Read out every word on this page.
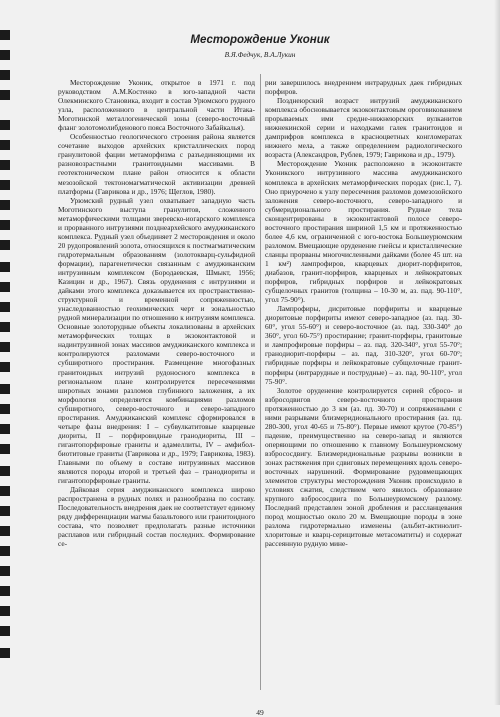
Месторождение Уконик
В.Я.Федчук, В.А.Лукин

Месторождение Уконик, открытое в 1971 г. под руководством А.М.Костенко в юго-западной части Олекминского Становика, входит в состав Урюмского рудного узла, расположенного в центральной части Итака-Моготинской металлогенической зоны (северо-восточный фланг золотомолибденового пояса Восточного Забайкалья).

Особенностью геологического строения района является сочетание выходов архейских кристаллических пород гранулитовой фации метаморфизма с разъединяющими их разновозрастными гранитоидными массивами. В геотектоническом плане район относится к области мезозойской тектономагматической активизации древней платформы (Гаврикова и др., 1976; Щеглов, 1980).

Урюмский рудный узел охватывает западную часть Моготинского выступа гранулитов, сложенного метаморфическими толщами зверевско-иогарского комплекса и прорванного интрузиями позднеархейского амуджиканского комплекса. Рудный узел объединяет 2 месторождения и около 20 рудопроявлений золота, относящихся к постмагматическим гидротермальным образованиям (золотокварц-сульфидной формации), парагенетически связанным с амуджиканским интрузивным комплексом (Бородаевская, Шмыкт, 1956; Казицин и др., 1967). Связь оруденения с интрузиями и дайками этого комплекса доказывается их пространственно-структурной и временной сопряженностью, унаследованностью геохимических черт и зональностью рудной минерализации по отношению к интрузиям комплекса. Основные золоторудные объекты локализованы в архейских метаморфических толщах в экзоконтактовой и надинтрузивной зонах массивов амуджиканского комплекса и контролируются разломами северо-восточного и субширотного простирания. Размещение многофазных гранитоидных интрузий рудоносного комплекса в региональном плане контролируется пересечениями широтных зонами разломов глубинного заложения, а их морфология определяется комбинациями разломов субширотного, северо-восточного и северо-западного простирания. Амуджиканский комплекс сформировался в четыре фазы внедрения: I – субвулкатитовые кварцевые диориты, II – порфировидные гранодиориты, III – гигантопорфировые граниты и адамеллиты, IV – амфибол-биотитовые граниты (Гаврикова и др., 1979; Гаврикова, 1983). Главными по объему в составе интрузивных массивов являются породы второй и третьей фаз – гранодиориты и гигантопорфировые граниты.

Дайковая серия амуджиканского комплекса широко распространена в рудных полях и разнообразна по составу. Последовательность внедрения даек не соответствует единому ряду дифференциации магмы базальтового или гранитоидного состава, что позволяет предполагать разные источники расплавов или гибридный состав последних. Формирование се-

рии завершилось внедрением интрарудных даек гибридных порфиров.

Позднеюрский возраст интрузий амуджиканского комплекса обосновывается экзоконтактовым ороговикованием прорываемых ими средне-нижнеюрских вулканитов нижнекинской серии и находками галек гранитоидов и дамприфров комплекса в красноцветных конгломератах нижнего мела, а также определением радиологического возраста (Александров, Рублев, 1979; Гаврикова и др., 1979).

Месторождение Уконик расположено в экзоконтакте Уконикского интрузивного массива амуджиканского комплекса в архейских метаморфических породах (рис.1, 7). Оно приурочено к узлу пересечения разломов домезозойского заложения северо-восточного, северо-западного и субмеридионального простирания. Рудные тела сконцентрированы в экзоконтактовой полосе северо-восточного простирания шириной 1,5 км и протяженностью более 4,6 км, ограниченной с юго-востока Большеурюмским разломом. Вмещающие оруденение гнейсы и кристаллические сланцы прорваны многочисленными дайками (более 45 шт. на 1 км²) лампрофиров, кварцевых диорит-порфиритов, диабазов, гранит-порфиров, кварцевых и лейкократовых порфиров, гибридных порфиров и лейкократовых субщелочных гранитов (толщина – 10-30 м, аз. пад. 90-110°, угол 75-90°).

Лампрофиры, дисритовые порфириты и кварцевые диоритовые порфириты имеют северо-западное (аз. пад. 30-60°, угол 55-60°) и северо-восточное (аз. пад. 330-340° до 360°, угол 60-75°) простирание; гранит-порфиры, гранитовые и лампрофировые порфиры – аз. пад. 320-340°, угол 55-70°; гранодиорит-порфиры – аз. пад. 310-320°, угол 60-70°; гибридные порфиры и лейкократовые субщелочные гранит-порфиры (интрарудные и пострудные) – аз. пад. 90-110°, угол 75-90°.

Золотое оруденение контролируется серией сбросо- и взбросодвигов северо-восточного простирания протяженностью до 3 км (аз. пд. 30-70) и сопряженными с ними разрывами близмеридионального простирания (аз. пд. 280-300, угол 40-65 и 75-80°). Первые имеют крутое (70-85°) падение, преимущественно на северо-запад и являются оперяющими по отношению к главному Большеурюмскому взбрососдвигу. Близмеридиональные разрывы возникли в зонах растяжения при сдвиговых перемещениях вдоль северо-восточных нарушений. Формирование рудовмещающих элементов структуры месторождения Уконик происходило в условиях сжатия, следствием чего явилось образование крупного взбрососдвига по Большеурюмскому разлому. Последний представлен зоной дробления и рассланцевания пород мощностью около 20 м. Вмещающие породы в зоне разлома гидротермально изменены (альбит-актинолит-хлоритовые и кварц-серицитовые метасоматиты) и содержат рассеянную рудную мине-

49
